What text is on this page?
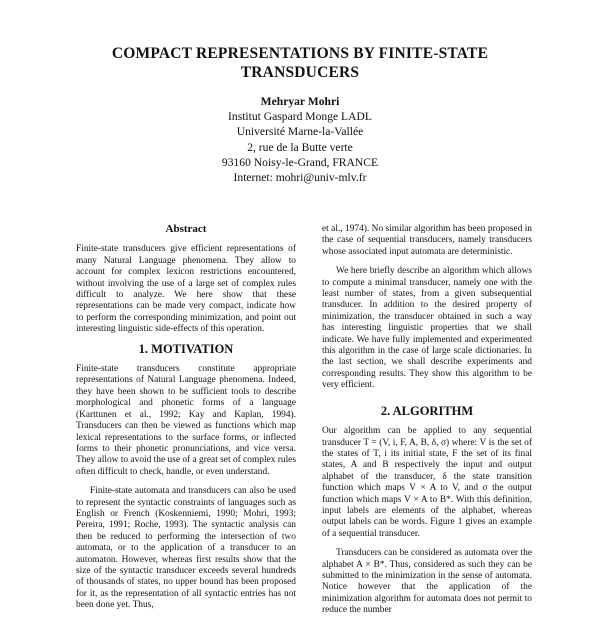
COMPACT REPRESENTATIONS BY FINITE-STATE TRANSDUCERS
Mehryar Mohri
Institut Gaspard Monge LADL
Université Marne-la-Vallée
2, rue de la Butte verte
93160 Noisy-le-Grand, FRANCE
Internet: mohri@univ-mlv.fr
Abstract

Finite-state transducers give efficient representations of many Natural Language phenomena. They allow to account for complex lexicon restrictions encountered, without involving the use of a large set of complex rules difficult to analyze. We here show that these representations can be made very compact, indicate how to perform the corresponding minimization, and point out interesting linguistic side-effects of this operation.

1. MOTIVATION

Finite-state transducers constitute appropriate representations of Natural Language phenomena. Indeed, they have been shown to be sufficient tools to describe morphological and phonetic forms of a language (Karttunen et al., 1992; Kay and Kaplan, 1994). Transducers can then be viewed as functions which map lexical representations to the surface forms, or inflected forms to their phonetic pronunciations, and vice versa. They allow to avoid the use of a great set of complex rules often difficult to check, handle, or even understand.

Finite-state automata and transducers can also be used to represent the syntactic constraints of languages such as English or French (Koskenniemi, 1990; Mohri, 1993; Pereira, 1991; Roche, 1993). The syntactic analysis can then be reduced to performing the intersection of two automata, or to the application of a transducer to an automaton. However, whereas first results show that the size of the syntactic transducer exceeds several hundreds of thousands of states, no upper bound has been proposed for it, as the representation of all syntactic entries has not been done yet. Thus,

et al., 1974). No similar algorithm has been proposed in the case of sequential transducers, namely transducers whose associated input automata are deterministic.

We here briefly describe an algorithm which allows to compute a minimal transducer, namely one with the least number of states, from a given subsequential transducer. In addition to the desired property of minimization, the transducer obtained in such a way has interesting linguistic properties that we shall indicate. We have fully implemented and experimented this algorithm in the case of large scale dictionaries. In the last section, we shall describe experiments and corresponding results. They show this algorithm to be very efficient.

2. ALGORITHM

Our algorithm can be applied to any sequential transducer T = (V, i, F, A, B, δ, σ) where: V is the set of the states of T, i its initial state, F the set of its final states, A and B respectively the input and output alphabet of the transducer, δ the state transition function which maps V × A to V, and σ the output function which maps V × A to B*. With this definition, input labels are elements of the alphabet, whereas output labels can be words. Figure 1 gives an example of a sequential transducer.

Transducers can be considered as automata over the alphabet A × B*. Thus, considered as such they can be submitted to the minimization in the sense of automata. Notice however that the application of the minimization algorithm for automata does not permit to reduce the number
